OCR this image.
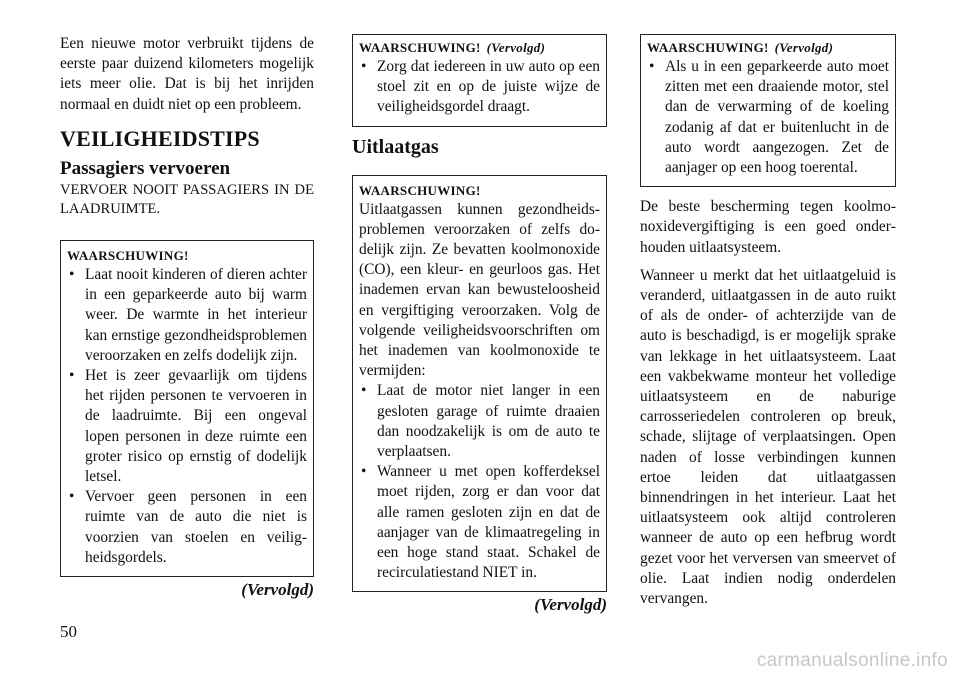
Een nieuwe motor verbruikt tijdens de eerste paar duizend kilometers mogelijk iets meer olie. Dat is bij het inrijden normaal en duidt niet op een probleem.

VEILIGHEIDSTIPS
Passagiers vervoeren

VERVOER NOOIT PASSAGIERS IN DE LAADRUIMTE.

WAARSCHUWING!
• Laat nooit kinderen of dieren achter in een geparkeerde auto bij warm weer. De warmte in het interieur kan ernstige gezondheidsproblemen veroorzaken en zelfs dodelijk zijn.
• Het is zeer gevaarlijk om tijdens het rijden personen te vervoeren in de laadruimte. Bij een ongeval lopen personen in deze ruimte een groter risico op ernstig of dodelijk letsel.
• Vervoer geen personen in een ruimte van de auto die niet is voorzien van stoelen en veiligheidsgordels.
(Vervolgd)
WAARSCHUWING! (Vervolgd)
• Zorg dat iedereen in uw auto op een stoel zit en op de juiste wijze de veiligheidsgordel draagt.
Uitlaatgas
WAARSCHUWING!

Uitlaatgassen kunnen gezondheidsproblemen veroorzaken of zelfs dodelijk zijn. Ze bevatten koolmonoxide (CO), een kleur- en geurloos gas. Het inademen ervan kan bewusteloosheid en vergiftiging veroorzaken. Volg de volgende veiligheidsvoorschriften om het inademen van koolmonoxide te vermijden:

• Laat de motor niet langer in een gesloten garage of ruimte draaien dan noodzakelijk is om de auto te verplaatsen.
• Wanneer u met open kofferdeksel moet rijden, zorg er dan voor dat alle ramen gesloten zijn en dat de aanjager van de klimaatregeling in een hoge stand staat. Schakel de recirculatiestand NIET in.
(Vervolgd)
WAARSCHUWING! (Vervolgd)
• Als u in een geparkeerde auto moet zitten met een draaiende motor, stel dan de verwarming of de koeling zodanig af dat er buitenlucht in de auto wordt aangezogen. Zet de aanjager op een hoog toerental.

De beste bescherming tegen koolmonoxidevergiftiging is een goed onderhouden uitlaatsysteem.

Wanneer u merkt dat het uitlaatgeluid is veranderd, uitlaatgassen in de auto ruikt of als de onder- of achterzijde van de auto is beschadigd, is er mogelijk sprake van lekkage in het uitlaatsysteem. Laat een vakbekwame monteur het volledige uitlaatsysteem en de naburige carrosseriedelen controleren op breuk, schade, slijtage of verplaatsingen. Open naden of losse verbindingen kunnen ertoe leiden dat uitlaatgassen binnendringen in het interieur. Laat het uitlaatsysteem ook altijd controleren wanneer de auto op een hefbrug wordt gezet voor het verversen van smeervet of olie. Laat indien nodig onderdelen vervangen.

50
carmanualsonline.info
